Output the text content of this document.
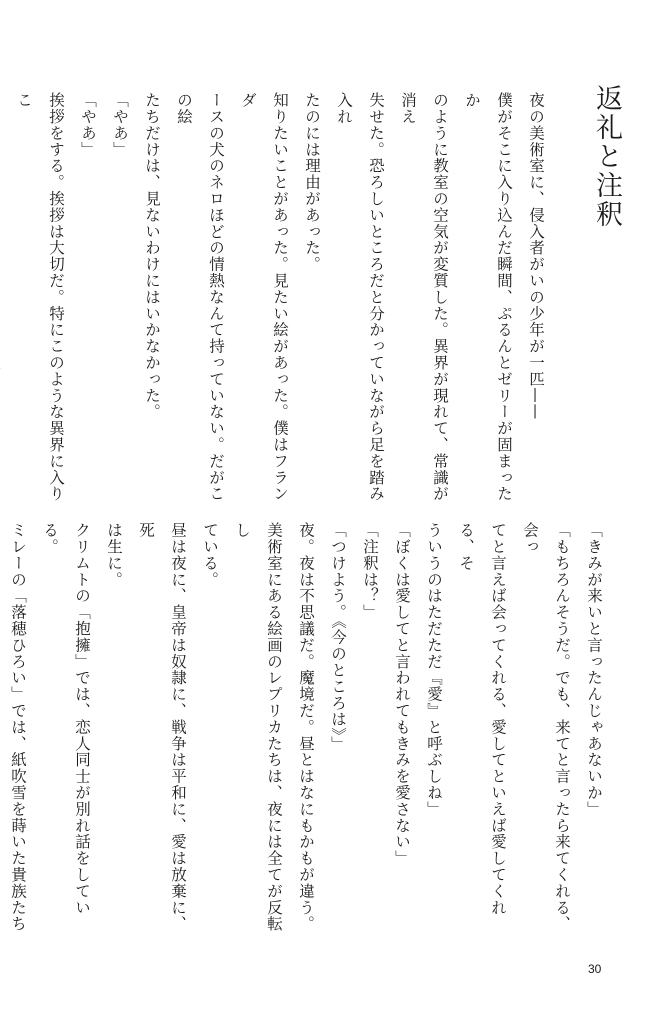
返礼と注釈

夜の美術室に、侵入者がいの少年が一匹——

僕がそこに入り込んだ瞬間、ぷるんとゼリーが固まったか

のように教室の空気が変質した。異界が現れて、常識が消え

失せた。恐ろしいところだと分かっていながら足を踏み入れ

たのには理由があった。

知りたいことがあった。見たい絵があった。僕はフランダ

ースの犬のネロほどの情熱なんて持っていない。だがこの絵

たちだけは、見ないわけにはいかなかった。

「やあ」

「やあ」

挨拶をする。挨拶は大切だ。特にこのような異界に入りこ

「きみが来いと言ったんじゃあないか」

「もちろんそうだ。でも、来てと言ったら来てくれる、会っ

てと言えば会ってくれる、愛してといえば愛してくれる、そ

ういうのはただただ『愛』と呼ぶしね」

「ぼくは愛してと言われてもきみを愛さない」

「注釈は？」

「つけよう。《今のところは》」

夜。夜は不思議だ。魔境だ。昼とはなにもかもが違う。

美術室にある絵画のレプリカたちは、夜には全てが反転し

ている。

昼は夜に、皇帝は奴隷に、戦争は平和に、愛は放棄に、死

は生に。

クリムトの「抱擁」では、恋人同士が別れ話をしている。

ミレーの「落穂ひろい」では、紙吹雪を蒔いた貴族たち

30
